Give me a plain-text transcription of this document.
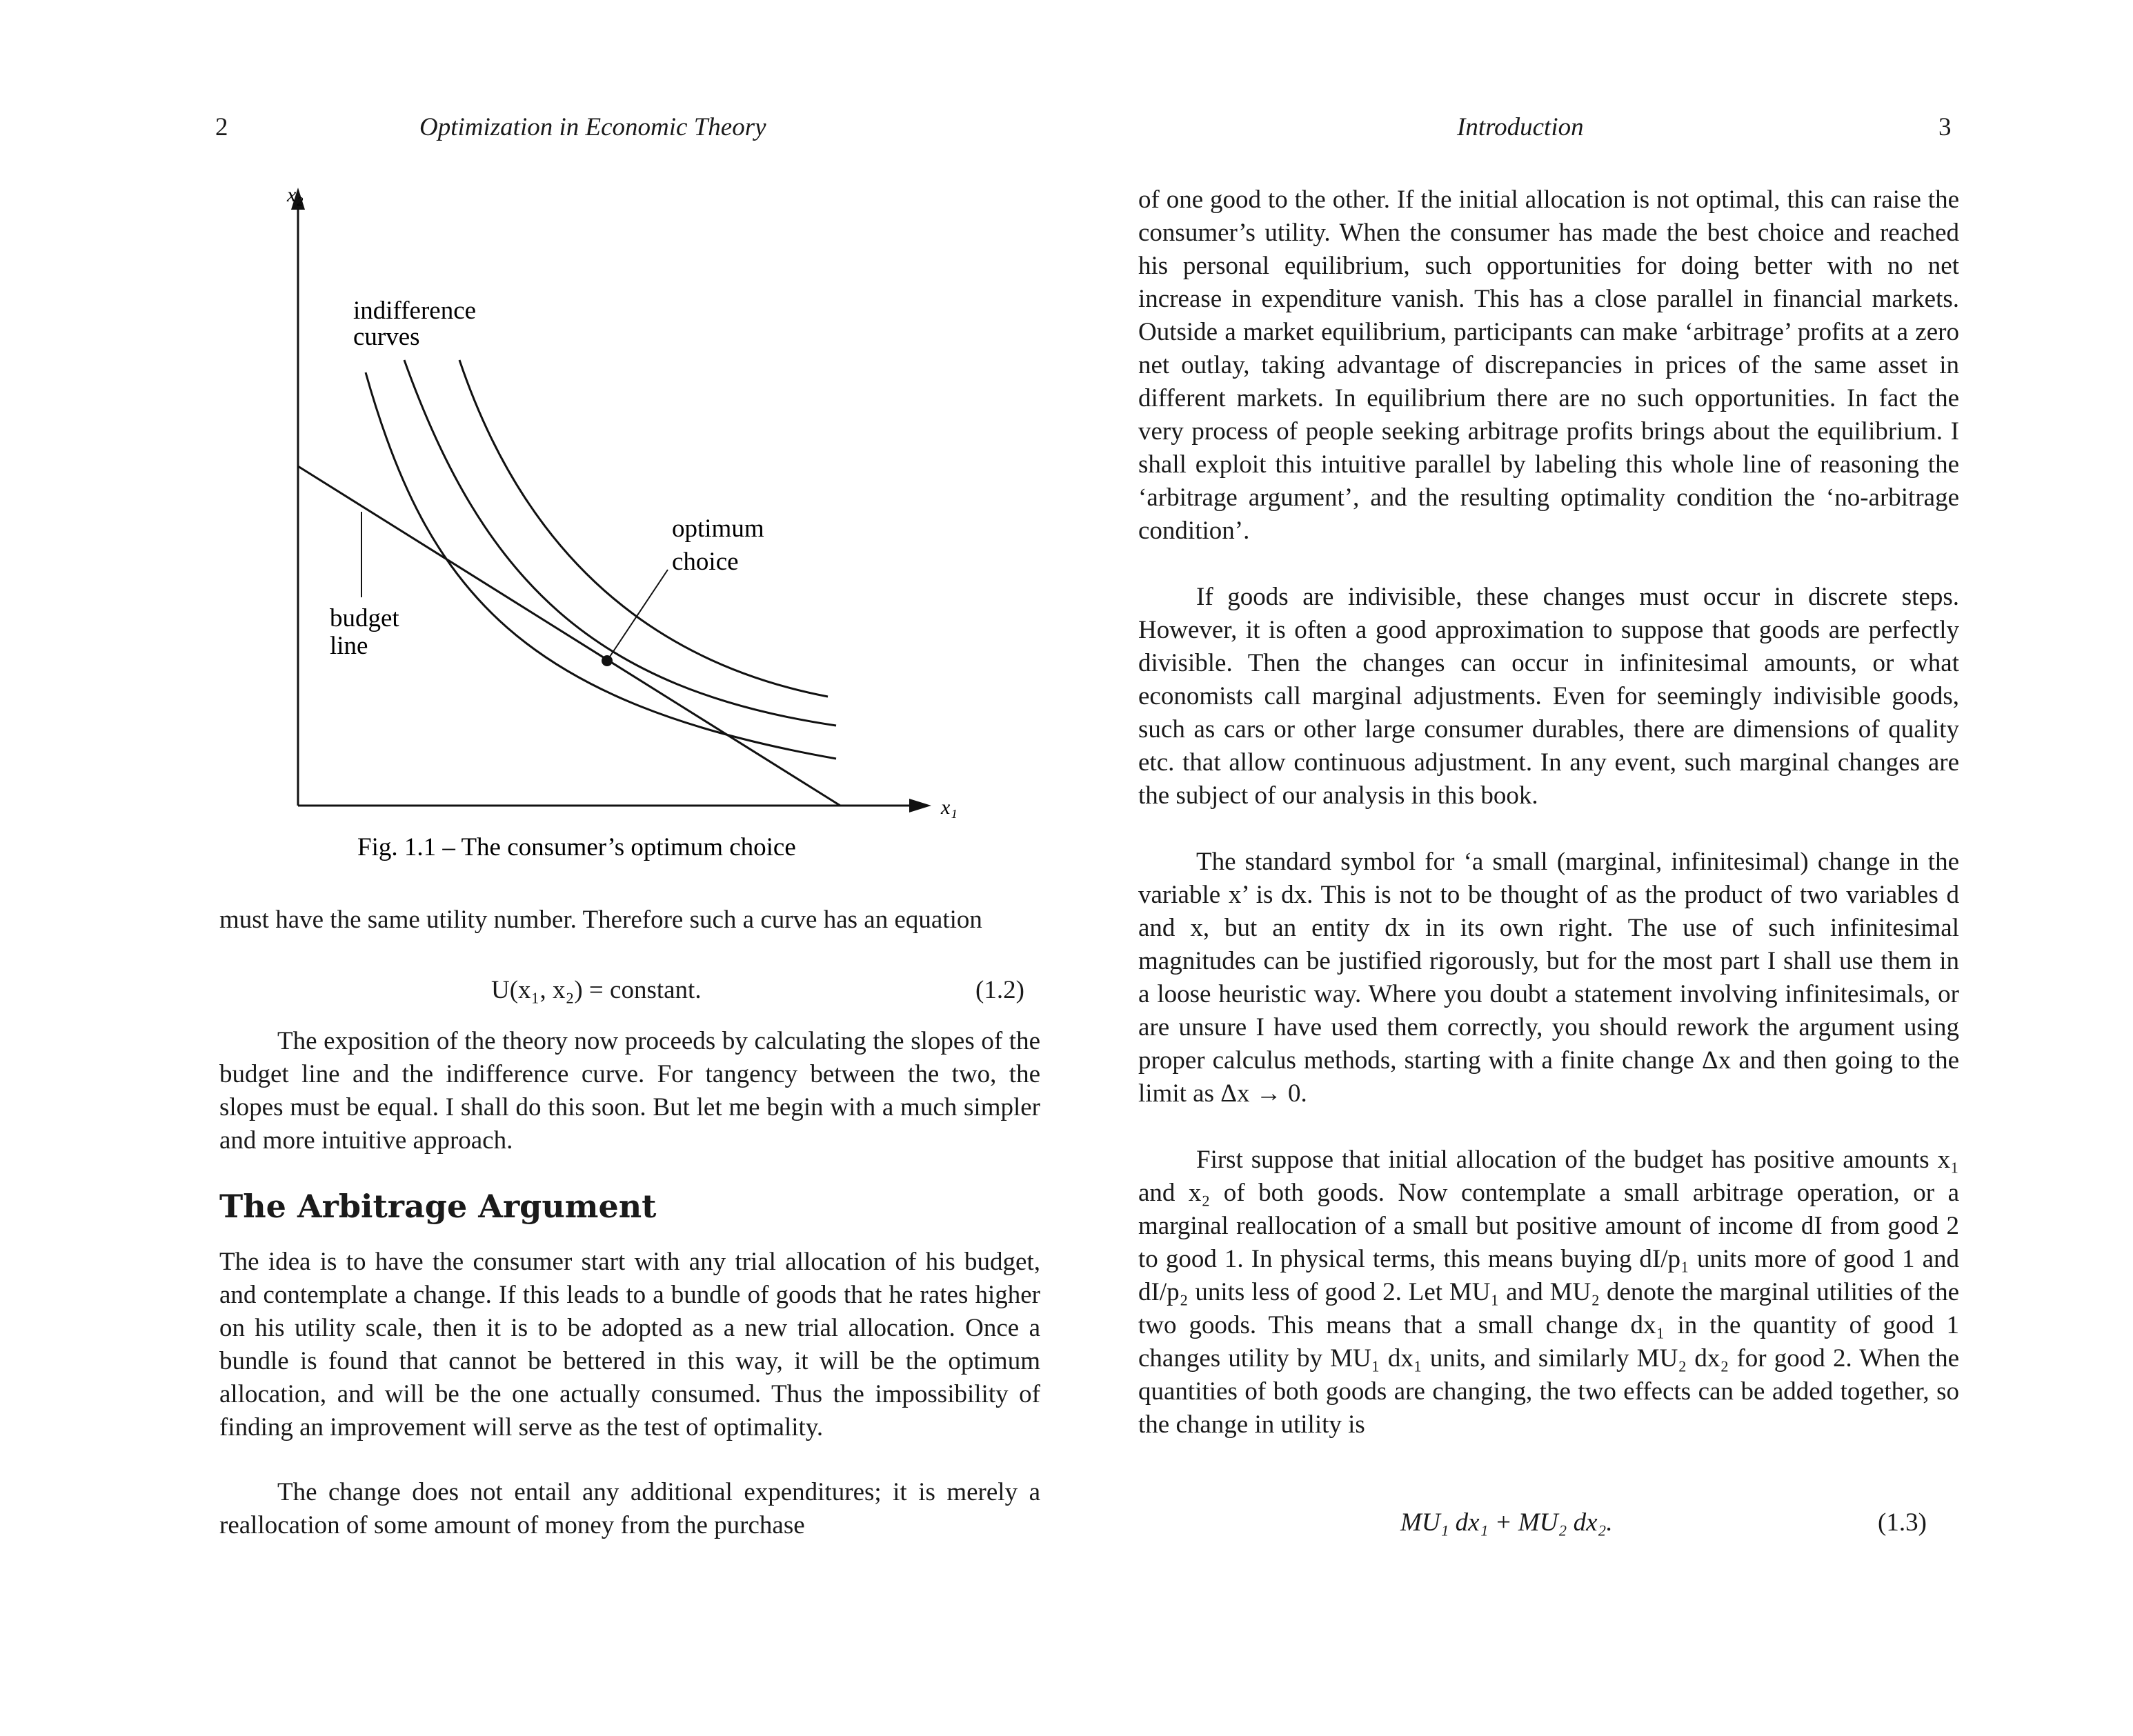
2	Optimization in Economic Theory
x₂
x₁
indifference
curves
optimum
choice
budget
line
Fig. 1.1 – The consumer’s optimum choice

must have the same utility number. Therefore such a curve has an equation

U(x₁, x₂) = constant.	(1.2)

The exposition of the theory now proceeds by calculating the slopes of the budget line and the indifference curve. For tangency between the two, the slopes must be equal. I shall do this soon. But let me begin with a much simpler and more intuitive approach.

The Arbitrage Argument

The idea is to have the consumer start with any trial allocation of his budget, and contemplate a change. If this leads to a bundle of goods that he rates higher on his utility scale, then it is to be adopted as a new trial allocation. Once a bundle is found that cannot be bettered in this way, it will be the optimum allocation, and will be the one actually consumed. Thus the impossibility of finding an improvement will serve as the test of optimality.

The change does not entail any additional expenditures; it is merely a reallocation of some amount of money from the purchase

Introduction	3

of one good to the other. If the initial allocation is not optimal, this can raise the consumer’s utility. When the consumer has made the best choice and reached his personal equilibrium, such opportunities for doing better with no net increase in expenditure vanish. This has a close parallel in financial markets. Outside a market equilibrium, participants can make ‘arbitrage’ profits at a zero net outlay, taking advantage of discrepancies in prices of the same asset in different markets. In equilibrium there are no such opportunities. In fact the very process of people seeking arbitrage profits brings about the equilibrium. I shall exploit this intuitive parallel by labeling this whole line of reasoning the ‘arbitrage argument’, and the resulting optimality condition the ‘no-arbitrage condition’.

If goods are indivisible, these changes must occur in discrete steps. However, it is often a good approximation to suppose that goods are perfectly divisible. Then the changes can occur in infinitesimal amounts, or what economists call marginal adjustments. Even for seemingly indivisible goods, such as cars or other large consumer durables, there are dimensions of quality etc. that allow continuous adjustment. In any event, such marginal changes are the subject of our analysis in this book.

The standard symbol for ‘a small (marginal, infinitesimal) change in the variable x’ is dx. This is not to be thought of as the product of two variables d and x, but an entity dx in its own right. The use of such infinitesimal magnitudes can be justified rigorously, but for the most part I shall use them in a loose heuristic way. Where you doubt a statement involving infinitesimals, or are unsure I have used them correctly, you should rework the argument using proper calculus methods, starting with a finite change Δx and then going to the limit as Δx → 0.

First suppose that initial allocation of the budget has positive amounts x₁ and x₂ of both goods. Now contemplate a small arbitrage operation, or a marginal reallocation of a small but positive amount of income dI from good 2 to good 1. In physical terms, this means buying dI/p₁ units more of good 1 and dI/p₂ units less of good 2. Let MU₁ and MU₂ denote the marginal utilities of the two goods. This means that a small change dx₁ in the quantity of good 1 changes utility by MU₁ dx₁ units, and similarly MU₂ dx₂ for good 2. When the quantities of both goods are changing, the two effects can be added together, so the change in utility is

MU₁ dx₁ + MU₂ dx₂.	(1.3)
